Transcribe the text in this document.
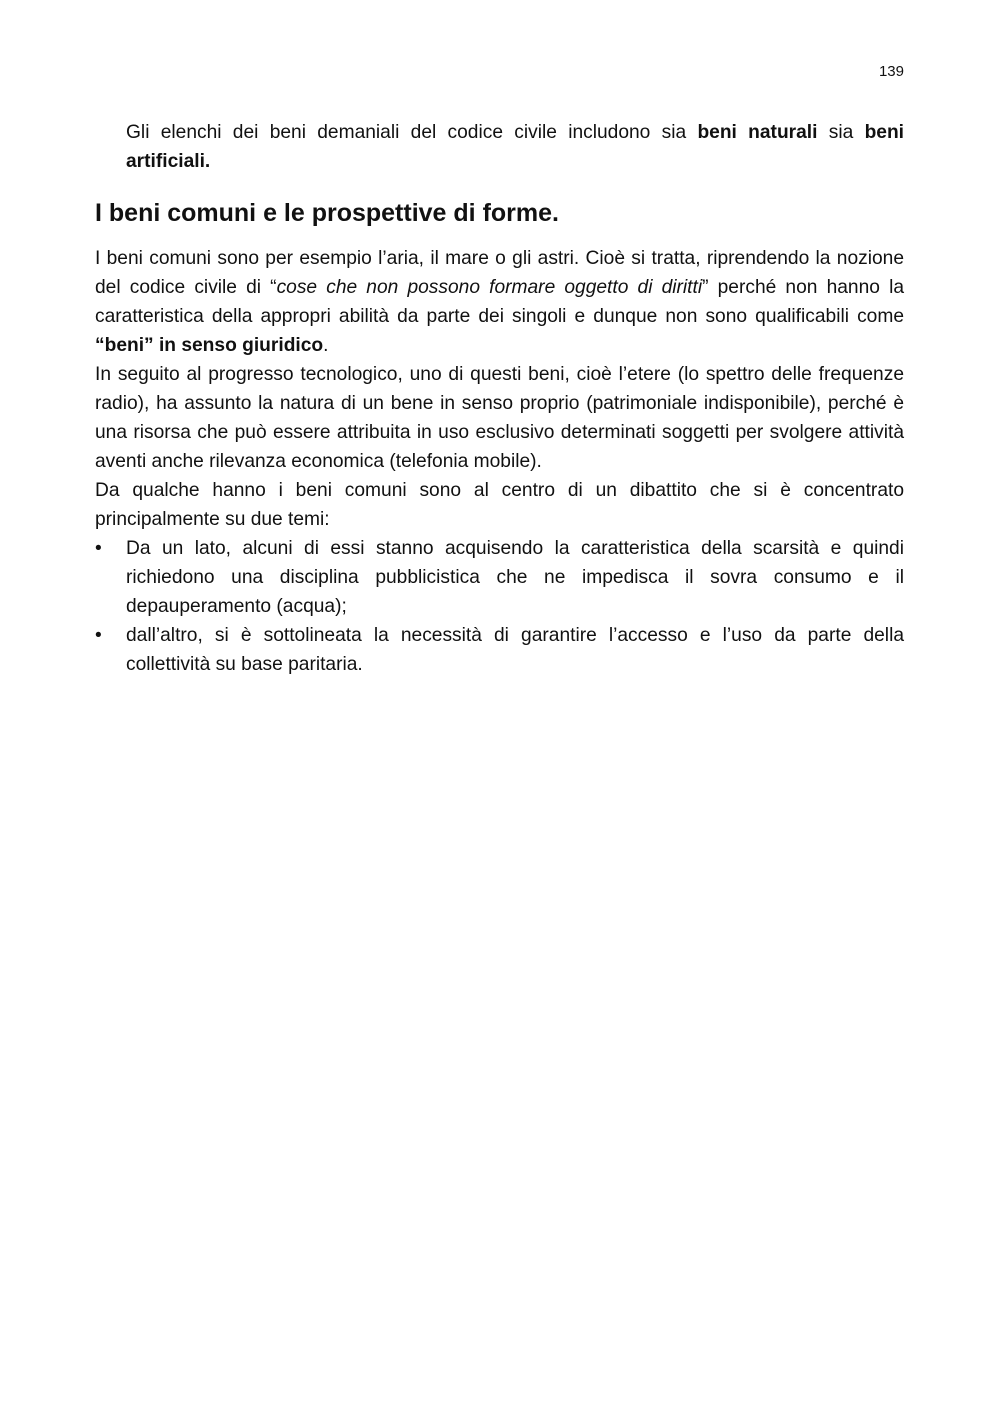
139

Gli elenchi dei beni demaniali del codice civile includono sia beni naturali sia beni artificiali.

I beni comuni e le prospettive di forme.

I beni comuni sono per esempio l’aria, il mare o gli astri. Cioè si tratta, riprendendo la nozione del codice civile di “cose che non possono formare oggetto di diritti” perché non hanno la caratteristica della appropri abilità da parte dei singoli e dunque non sono qualificabili come “beni” in senso giuridico.

In seguito al progresso tecnologico, uno di questi beni, cioè l’etere (lo spettro delle frequenze radio), ha assunto la natura di un bene in senso proprio (patrimoniale indisponibile), perché è una risorsa che può essere attribuita in uso esclusivo determinati soggetti per svolgere attività aventi anche rilevanza economica (telefonia mobile).

Da qualche hanno i beni comuni sono al centro di un dibattito che si è concentrato principalmente su due temi:

• Da un lato, alcuni di essi stanno acquisendo la caratteristica della scarsità e quindi richiedono una disciplina pubblicistica che ne impedisca il sovra consumo e il depauperamento (acqua);
• dall’altro, si è sottolineata la necessità di garantire l’accesso e l’uso da parte della collettività su base paritaria.
